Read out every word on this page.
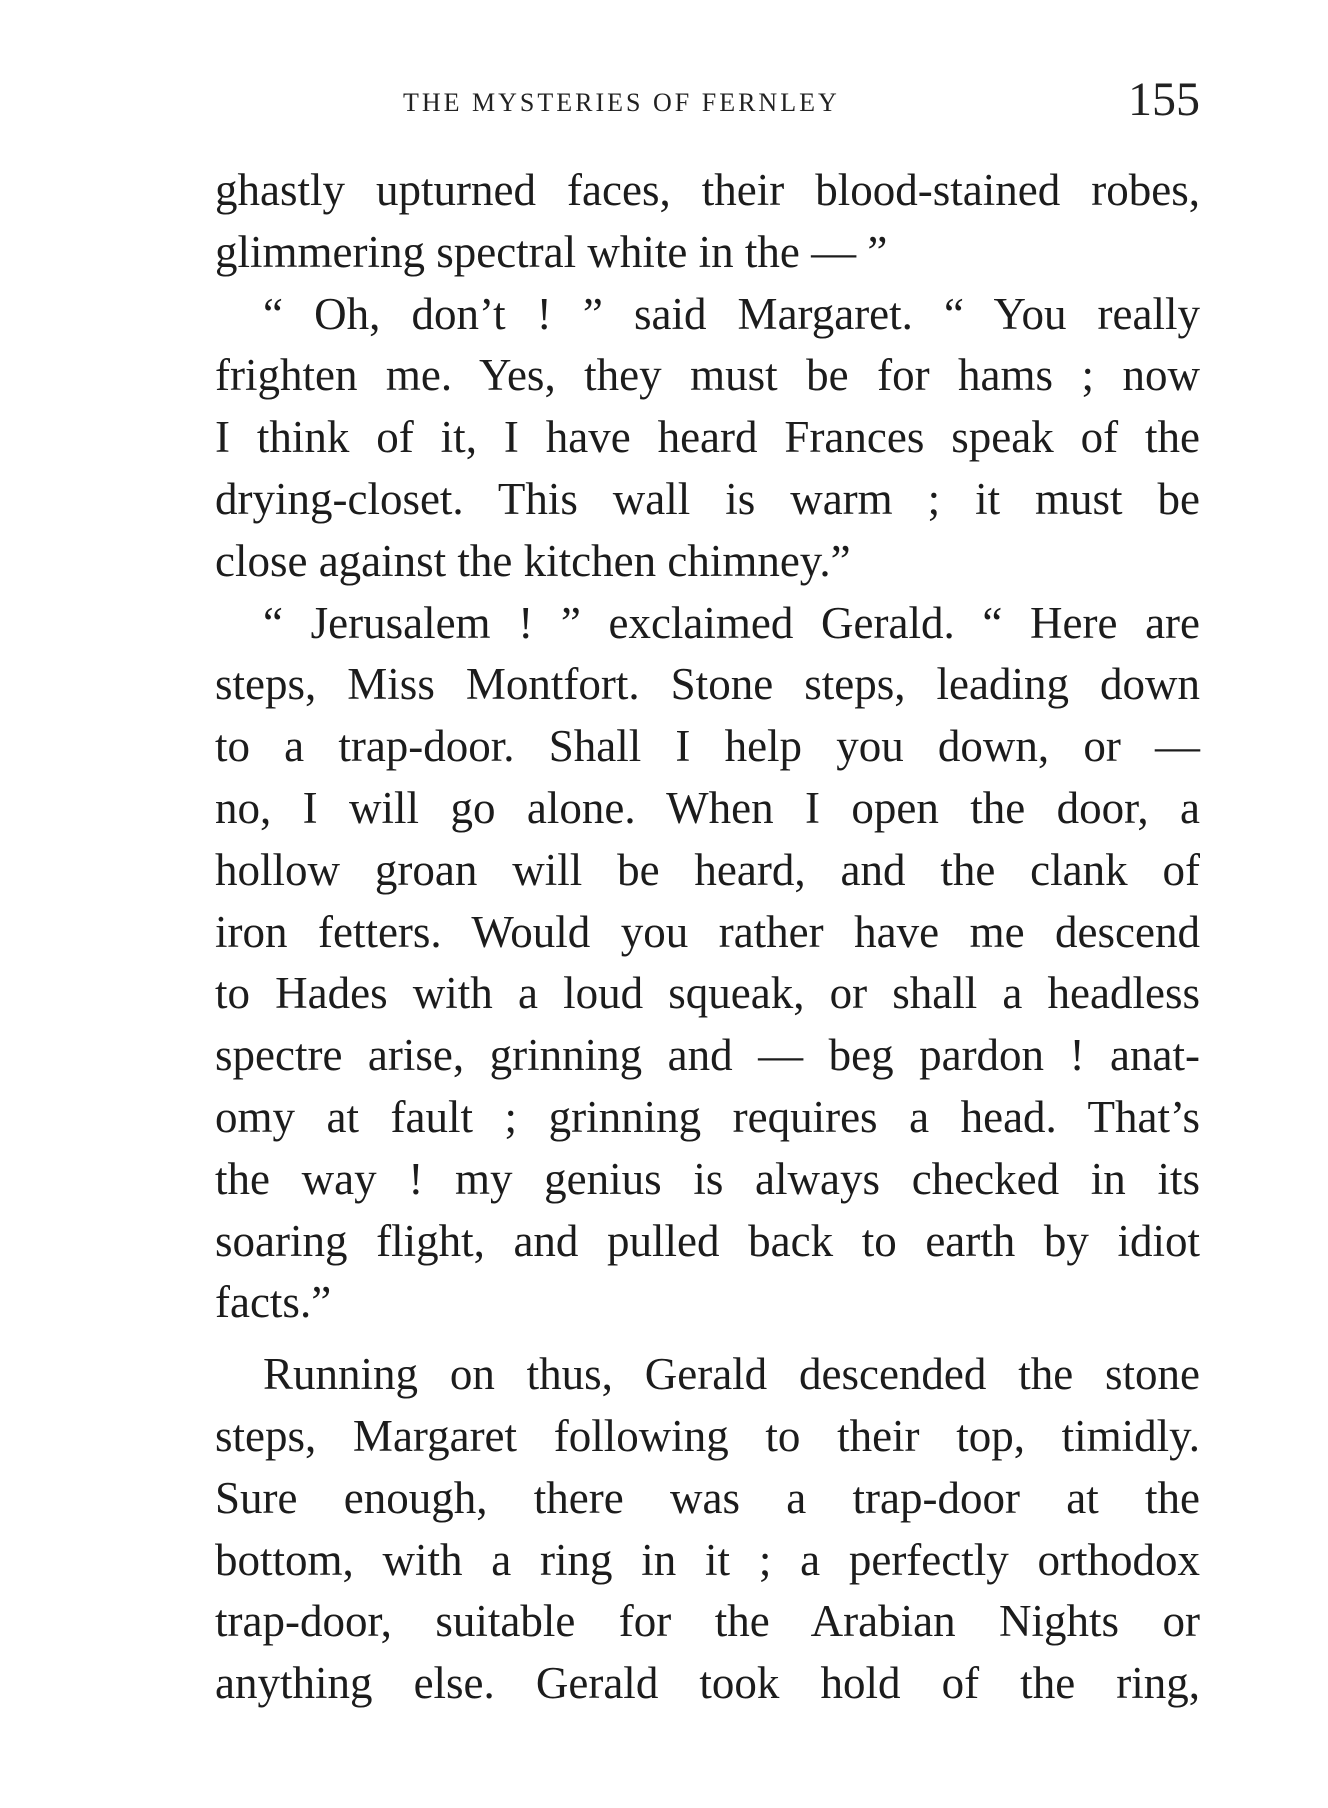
THE MYSTERIES OF FERNLEY	155
ghastly upturned faces, their blood-stained robes,
glimmering spectral white in the — ”
“ Oh, don’t ! ” said Margaret. “ You really
frighten me. Yes, they must be for hams ; now
I think of it, I have heard Frances speak of the
drying-closet. This wall is warm ; it must be
close against the kitchen chimney.”
“ Jerusalem ! ” exclaimed Gerald. “ Here are
steps, Miss Montfort. Stone steps, leading down
to a trap-door. Shall I help you down, or —
no, I will go alone. When I open the door, a
hollow groan will be heard, and the clank of
iron fetters. Would you rather have me descend
to Hades with a loud squeak, or shall a headless
spectre arise, grinning and — beg pardon ! anat-
omy at fault ; grinning requires a head. That’s
the way ! my genius is always checked in its
soaring flight, and pulled back to earth by idiot
facts.”
Running on thus, Gerald descended the stone
steps, Margaret following to their top, timidly.
Sure enough, there was a trap-door at the
bottom, with a ring in it ; a perfectly orthodox
trap-door, suitable for the Arabian Nights or
anything else. Gerald took hold of the ring,
